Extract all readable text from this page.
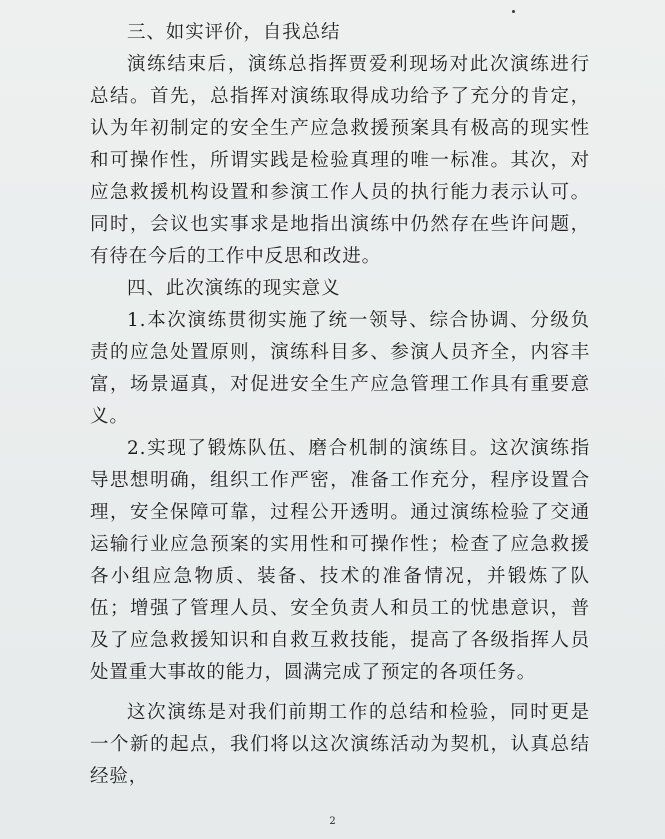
三、如实评价，自我总结

演练结束后，演练总指挥贾爱利现场对此次演练进行总结。首先，总指挥对演练取得成功给予了充分的肯定，认为年初制定的安全生产应急救援预案具有极高的现实性和可操作性，所谓实践是检验真理的唯一标准。其次，对应急救援机构设置和参演工作人员的执行能力表示认可。同时，会议也实事求是地指出演练中仍然存在些许问题，有待在今后的工作中反思和改进。

四、此次演练的现实意义

1.本次演练贯彻实施了统一领导、综合协调、分级负责的应急处置原则，演练科目多、参演人员齐全，内容丰富，场景逼真，对促进安全生产应急管理工作具有重要意义。

2.实现了锻炼队伍、磨合机制的演练目。这次演练指导思想明确，组织工作严密，准备工作充分，程序设置合理，安全保障可靠，过程公开透明。通过演练检验了交通运输行业应急预案的实用性和可操作性；检查了应急救援各小组应急物质、装备、技术的准备情况，并锻炼了队伍；增强了管理人员、安全负责人和员工的忧患意识，普及了应急救援知识和自救互救技能，提高了各级指挥人员处置重大事故的能力，圆满完成了预定的各项任务。

这次演练是对我们前期工作的总结和检验，同时更是一个新的起点，我们将以这次演练活动为契机，认真总结经验，

2
